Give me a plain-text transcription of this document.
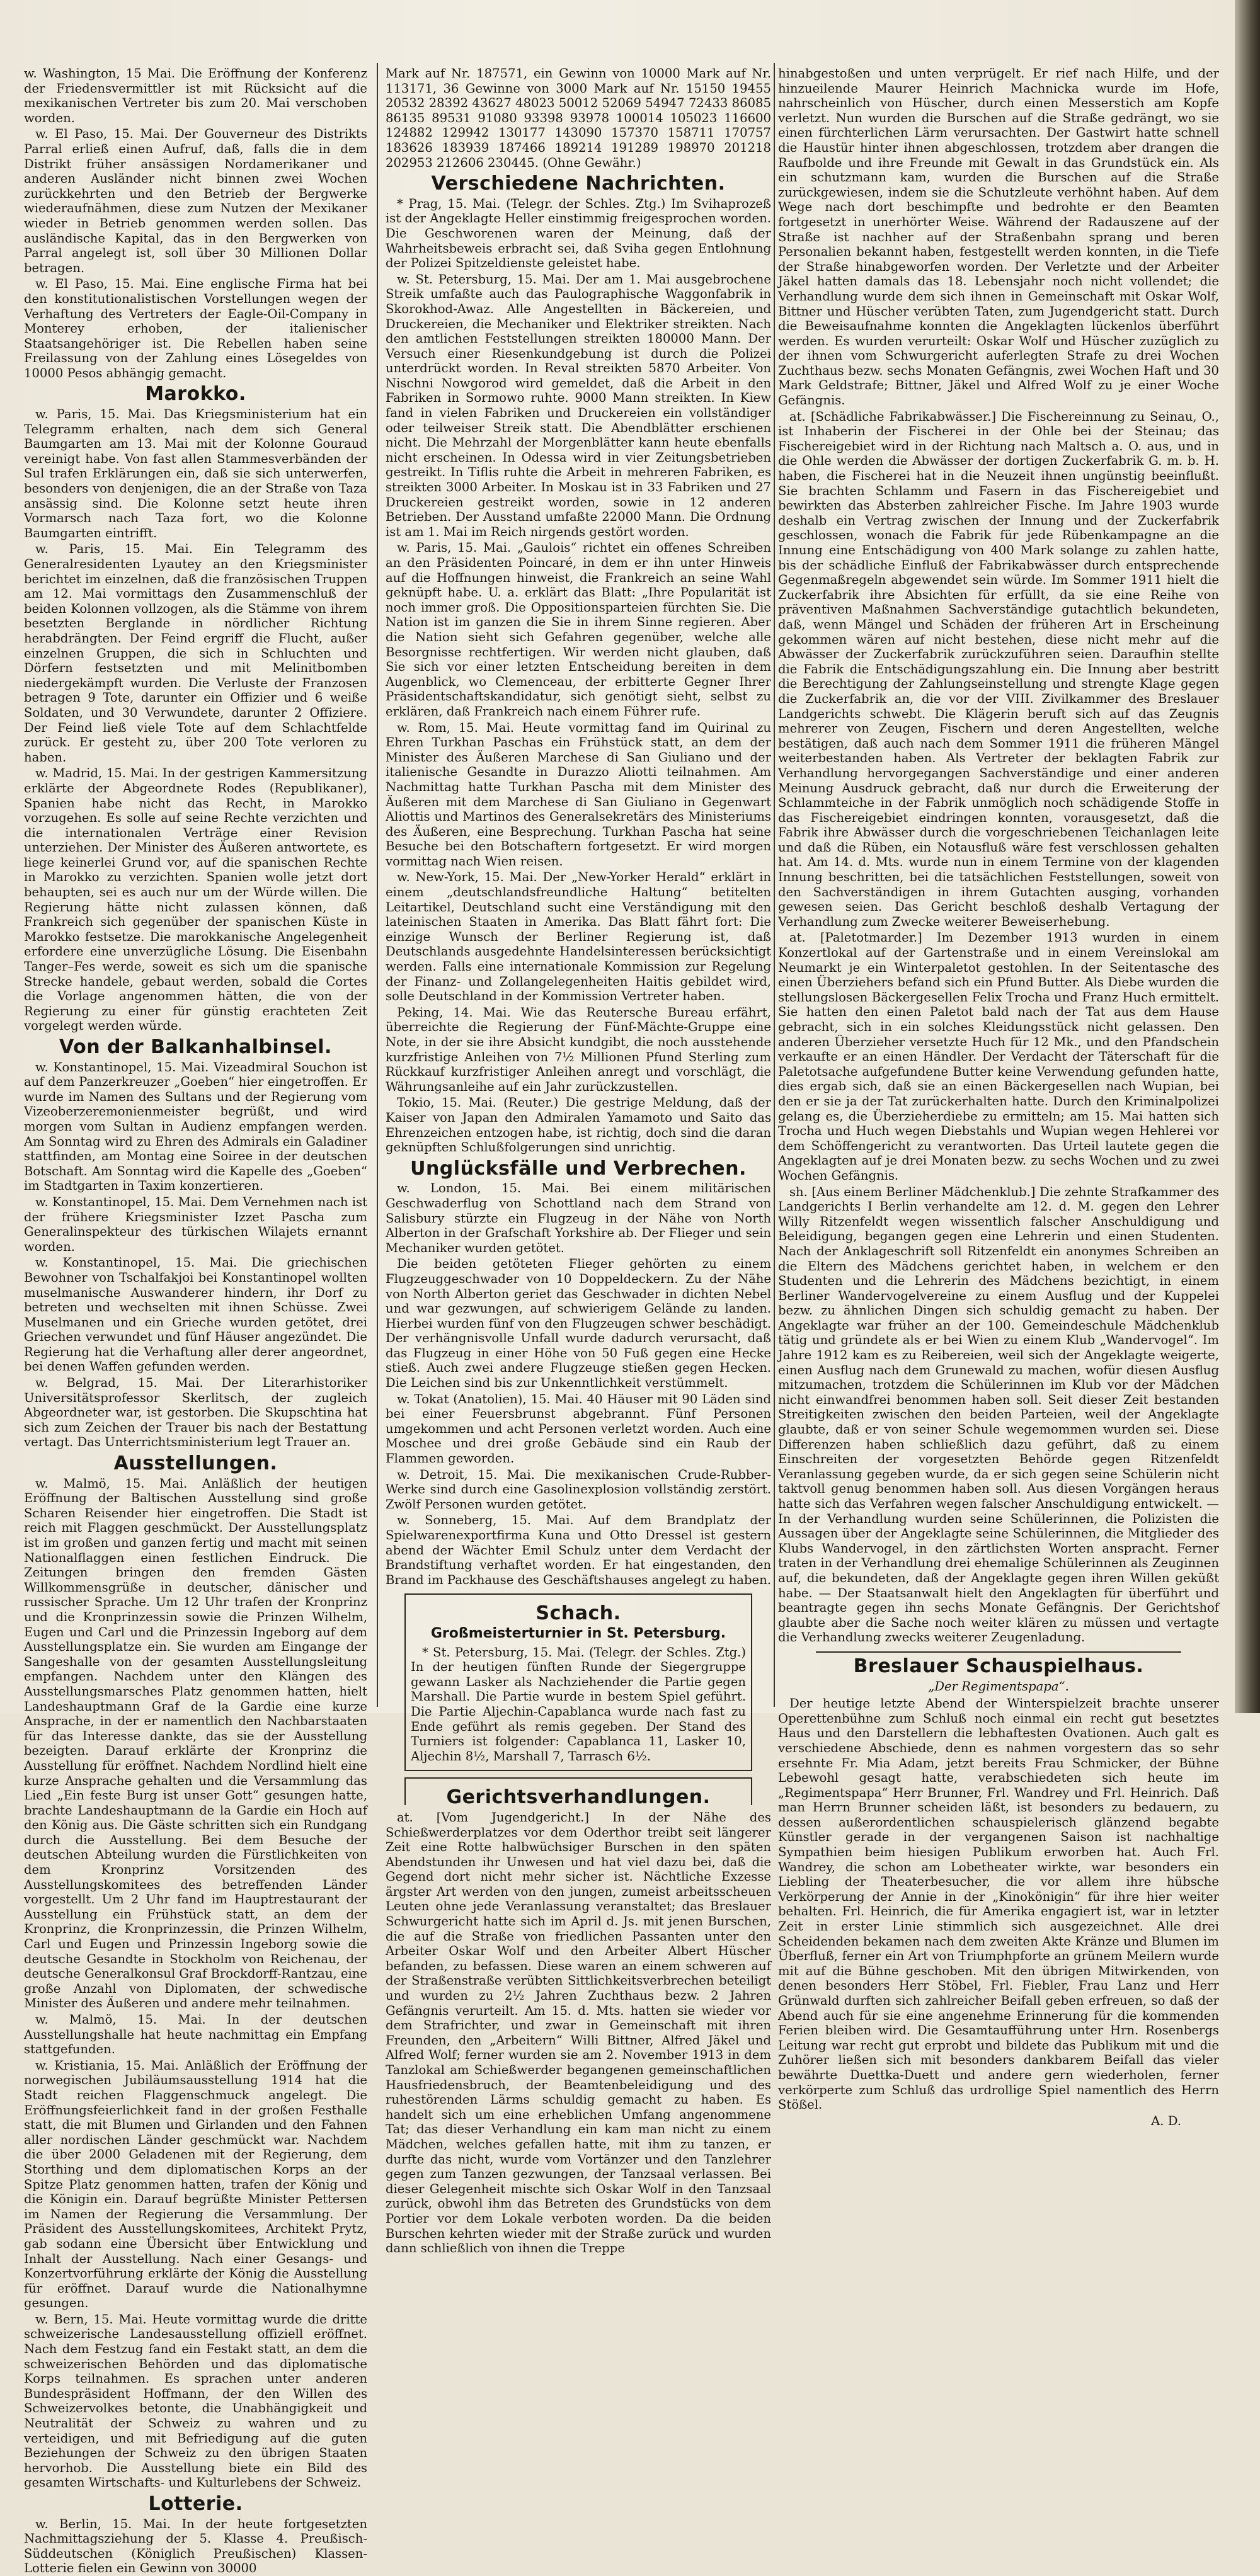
w. Washington, 15 Mai. Die Eröffnung der Konferenz der Friedensvermittler ist mit Rücksicht auf die mexikanischen Vertreter bis zum 20. Mai verschoben worden.

w. El Paso, 15. Mai. Der Gouverneur des Distrikts Parral erließ einen Aufruf, daß, falls die in dem Distrikt früher ansässigen Nordamerikaner und anderen Ausländer nicht binnen zwei Wochen zurückkehrten und den Betrieb der Bergwerke wiederaufnähmen, diese zum Nutzen der Mexikaner wieder in Betrieb genommen werden sollen. Das ausländische Kapital, das in den Bergwerken von Parral angelegt ist, soll über 30 Millionen Dollar betragen.

w. El Paso, 15. Mai. Eine englische Firma hat bei den konstitutionalistischen Vorstellungen wegen der Verhaftung des Vertreters der Eagle-Oil-Company in Monterey erhoben, der italienischer Staatsangehöriger ist. Die Rebellen haben seine Freilassung von der Zahlung eines Lösegeldes von 10000 Pesos abhängig gemacht.

Marokko.

w. Paris, 15. Mai. Das Kriegsministerium hat ein Telegramm erhalten, nach dem sich General Baumgarten am 13. Mai mit der Kolonne Gouraud vereinigt habe. Von fast allen Stammesverbänden der Sul trafen Erklärungen ein, daß sie sich unterwerfen, besonders von denjenigen, die an der Straße von Taza ansässig sind. Die Kolonne setzt heute ihren Vormarsch nach Taza fort, wo die Kolonne Baumgarten eintrifft.

w. Paris, 15. Mai. Ein Telegramm des Generalresidenten Lyautey an den Kriegsminister berichtet im einzelnen, daß die französischen Truppen am 12. Mai vormittags den Zusammenschluß der beiden Kolonnen vollzogen, als die Stämme von ihrem besetzten Berglande in nördlicher Richtung herabdrängten. Der Feind ergriff die Flucht, außer einzelnen Gruppen, die sich in Schluchten und Dörfern festsetzten und mit Melinitbomben niedergekämpft wurden. Die Verluste der Franzosen betragen 9 Tote, darunter ein Offizier und 6 weiße Soldaten, und 30 Verwundete, darunter 2 Offiziere. Der Feind ließ viele Tote auf dem Schlachtfelde zurück. Er gesteht zu, über 200 Tote verloren zu haben.

w. Madrid, 15. Mai. In der gestrigen Kammersitzung erklärte der Abgeordnete Rodes (Republikaner), Spanien habe nicht das Recht, in Marokko vorzugehen. Es solle auf seine Rechte verzichten und die internationalen Verträge einer Revision unterziehen. Der Minister des Äußeren antwortete, es liege keinerlei Grund vor, auf die spanischen Rechte in Marokko zu verzichten. Spanien wolle jetzt dort behaupten, sei es auch nur um der Würde willen. Die Regierung hätte nicht zulassen können, daß Frankreich sich gegenüber der spanischen Küste in Marokko festsetze. Die marokkanische Angelegenheit erfordere eine unverzügliche Lösung. Die Eisenbahn Tanger–Fes werde, soweit es sich um die spanische Strecke handele, gebaut werden, sobald die Cortes die Vorlage angenommen hätten, die von der Regierung zu einer für günstig erachteten Zeit vorgelegt werden würde.

Von der Balkanhalbinsel.

w. Konstantinopel, 15. Mai. Vizeadmiral Souchon ist auf dem Panzerkreuzer „Goeben“ hier eingetroffen. Er wurde im Namen des Sultans und der Regierung vom Vizeoberzeremonienmeister begrüßt, und wird morgen vom Sultan in Audienz empfangen werden. Am Sonntag wird zu Ehren des Admirals ein Galadiner stattfinden, am Montag eine Soiree in der deutschen Botschaft. Am Sonntag wird die Kapelle des „Goeben“ im Stadtgarten in Taxim konzertieren.

w. Konstantinopel, 15. Mai. Dem Vernehmen nach ist der frühere Kriegsminister Izzet Pascha zum Generalinspekteur des türkischen Wilajets ernannt worden.

w. Konstantinopel, 15. Mai. Die griechischen Bewohner von Tschalfakjoi bei Konstantinopel wollten muselmanische Auswanderer hindern, ihr Dorf zu betreten und wechselten mit ihnen Schüsse. Zwei Muselmanen und ein Grieche wurden getötet, drei Griechen verwundet und fünf Häuser angezündet. Die Regierung hat die Verhaftung aller derer angeordnet, bei denen Waffen gefunden werden.

w. Belgrad, 15. Mai. Der Literarhistoriker Universitätsprofessor Skerlitsch, der zugleich Abgeordneter war, ist gestorben. Die Skupschtina hat sich zum Zeichen der Trauer bis nach der Bestattung vertagt. Das Unterrichtsministerium legt Trauer an.

Ausstellungen.

w. Malmö, 15. Mai. Anläßlich der heutigen Eröffnung der Baltischen Ausstellung sind große Scharen Reisender hier eingetroffen. Die Stadt ist reich mit Flaggen geschmückt. Der Ausstellungsplatz ist im großen und ganzen fertig und macht mit seinen Nationalflaggen einen festlichen Eindruck. Die Zeitungen bringen den fremden Gästen Willkommensgrüße in deutscher, dänischer und russischer Sprache. Um 12 Uhr trafen der Kronprinz und die Kronprinzessin sowie die Prinzen Wilhelm, Eugen und Carl und die Prinzessin Ingeborg auf dem Ausstellungsplatze ein. Sie wurden am Eingange der Sangeshalle von der gesamten Ausstellungsleitung empfangen. Nachdem unter den Klängen des Ausstellungsmarsches Platz genommen hatten, hielt Landeshauptmann Graf de la Gardie eine kurze Ansprache, in der er namentlich den Nachbarstaaten für das Interesse dankte, das sie der Ausstellung bezeigten. Darauf erklärte der Kronprinz die Ausstellung für eröffnet. Nachdem Nordlind hielt eine kurze Ansprache gehalten und die Versammlung das Lied „Ein feste Burg ist unser Gott“ gesungen hatte, brachte Landeshauptmann de la Gardie ein Hoch auf den König aus. Die Gäste schritten sich ein Rundgang durch die Ausstellung. Bei dem Besuche der deutschen Abteilung wurden die Fürstlichkeiten von dem Kronprinz Vorsitzenden des Ausstellungskomitees des betreffenden Länder vorgestellt. Um 2 Uhr fand im Hauptrestaurant der Ausstellung ein Frühstück statt, an dem der Kronprinz, die Kronprinzessin, die Prinzen Wilhelm, Carl und Eugen und Prinzessin Ingeborg sowie die deutsche Gesandte in Stockholm von Reichenau, der deutsche Generalkonsul Graf Brockdorff-Rantzau, eine große Anzahl von Diplomaten, der schwedische Minister des Äußeren und andere mehr teilnahmen.

w. Malmö, 15. Mai. In der deutschen Ausstellungshalle hat heute nachmittag ein Empfang stattgefunden.

w. Kristiania, 15. Mai. Anläßlich der Eröffnung der norwegischen Jubiläumsausstellung 1914 hat die Stadt reichen Flaggenschmuck angelegt. Die Eröffnungsfeierlichkeit fand in der großen Festhalle statt, die mit Blumen und Girlanden und den Fahnen aller nordischen Länder geschmückt war. Nachdem die über 2000 Geladenen mit der Regierung, dem Storthing und dem diplomatischen Korps an der Spitze Platz genommen hatten, trafen der König und die Königin ein. Darauf begrüßte Minister Pettersen im Namen der Regierung die Versammlung. Der Präsident des Ausstellungskomitees, Architekt Prytz, gab sodann eine Übersicht über Entwicklung und Inhalt der Ausstellung. Nach einer Gesangs- und Konzertvorführung erklärte der König die Ausstellung für eröffnet. Darauf wurde die Nationalhymne gesungen.

w. Bern, 15. Mai. Heute vormittag wurde die dritte schweizerische Landesausstellung offiziell eröffnet. Nach dem Festzug fand ein Festakt statt, an dem die schweizerischen Behörden und das diplomatische Korps teilnahmen. Es sprachen unter anderen Bundespräsident Hoffmann, der den Willen des Schweizervolkes betonte, die Unabhängigkeit und Neutralität der Schweiz zu wahren und zu verteidigen, und mit Befriedigung auf die guten Beziehungen der Schweiz zu den übrigen Staaten hervorhob. Die Ausstellung biete ein Bild des gesamten Wirtschafts- und Kulturlebens der Schweiz.

Lotterie.

w. Berlin, 15. Mai. In der heute fortgesetzten Nachmittagsziehung der 5. Klasse 4. Preußisch-Süddeutschen (Königlich Preußischen) Klassen-Lotterie fielen ein Gewinn von 30000

Mark auf Nr. 187571, ein Gewinn von 10000 Mark auf Nr. 113171, 36 Gewinne von 3000 Mark auf Nr. 15150 19455 20532 28392 43627 48023 50012 52069 54947 72433 86085 86135 89531 91080 93398 93978 100014 105023 116600 124882 129942 130177 143090 157370 158711 170757 183626 183939 187466 189214 191289 198970 201218 202953 212606 230445. (Ohne Gewähr.)

Verschiedene Nachrichten.

* Prag, 15. Mai. (Telegr. der Schles. Ztg.) Im Svihaprozeß ist der Angeklagte Heller einstimmig freigesprochen worden. Die Geschworenen waren der Meinung, daß der Wahrheitsbeweis erbracht sei, daß Sviha gegen Entlohnung der Polizei Spitzeldienste geleistet habe.

w. St. Petersburg, 15. Mai. Der am 1. Mai ausgebrochene Streik umfaßte auch das Paulographische Waggonfabrik in Skorokhod-Awaz. Alle Angestellten in Bäckereien, und Druckereien, die Mechaniker und Elektriker streikten. Nach den amtlichen Feststellungen streikten 180000 Mann. Der Versuch einer Riesenkundgebung ist durch die Polizei unterdrückt worden. In Reval streikten 5870 Arbeiter. Von Nischni Nowgorod wird gemeldet, daß die Arbeit in den Fabriken in Sormowo ruhte. 9000 Mann streikten. In Kiew fand in vielen Fabriken und Druckereien ein vollständiger oder teilweiser Streik statt. Die Abendblätter erschienen nicht. Die Mehrzahl der Morgenblätter kann heute ebenfalls nicht erscheinen. In Odessa wird in vier Zeitungsbetrieben gestreikt. In Tiflis ruhte die Arbeit in mehreren Fabriken, es streikten 3000 Arbeiter. In Moskau ist in 33 Fabriken und 27 Druckereien gestreikt worden, sowie in 12 anderen Betrieben. Der Ausstand umfaßte 22000 Mann. Die Ordnung ist am 1. Mai im Reich nirgends gestört worden.

w. Paris, 15. Mai. „Gaulois“ richtet ein offenes Schreiben an den Präsidenten Poincaré, in dem er ihn unter Hinweis auf die Hoffnungen hinweist, die Frankreich an seine Wahl geknüpft habe. U. a. erklärt das Blatt: „Ihre Popularität ist noch immer groß. Die Oppositionsparteien fürchten Sie. Die Nation ist im ganzen die Sie in ihrem Sinne regieren. Aber die Nation sieht sich Gefahren gegenüber, welche alle Besorgnisse rechtfertigen. Wir werden nicht glauben, daß Sie sich vor einer letzten Entscheidung bereiten in dem Augenblick, wo Clemenceau, der erbitterte Gegner Ihrer Präsidentschaftskandidatur, sich genötigt sieht, selbst zu erklären, daß Frankreich nach einem Führer rufe.

w. Rom, 15. Mai. Heute vormittag fand im Quirinal zu Ehren Turkhan Paschas ein Frühstück statt, an dem der Minister des Äußeren Marchese di San Giuliano und der italienische Gesandte in Durazzo Aliotti teilnahmen. Am Nachmittag hatte Turkhan Pascha mit dem Minister des Äußeren mit dem Marchese di San Giuliano in Gegenwart Aliottis und Martinos des Generalsekretärs des Ministeriums des Äußeren, eine Besprechung. Turkhan Pascha hat seine Besuche bei den Botschaftern fortgesetzt. Er wird morgen vormittag nach Wien reisen.

w. New-York, 15. Mai. Der „New-Yorker Herald“ erklärt in einem „deutschlandsfreundliche Haltung“ betitelten Leitartikel, Deutschland sucht eine Verständigung mit den lateinischen Staaten in Amerika. Das Blatt fährt fort: Die einzige Wunsch der Berliner Regierung ist, daß Deutschlands ausgedehnte Handelsinteressen berücksichtigt werden. Falls eine internationale Kommission zur Regelung der Finanz- und Zollangelegenheiten Haitis gebildet wird, solle Deutschland in der Kommission Vertreter haben.

Peking, 14. Mai. Wie das Reutersche Bureau erfährt, überreichte die Regierung der Fünf-Mächte-Gruppe eine Note, in der sie ihre Absicht kundgibt, die noch ausstehende kurzfristige Anleihen von 7½ Millionen Pfund Sterling zum Rückkauf kurzfristiger Anleihen anregt und vorschlägt, die Währungsanleihe auf ein Jahr zurückzustellen.

Tokio, 15. Mai. (Reuter.) Die gestrige Meldung, daß der Kaiser von Japan den Admiralen Yamamoto und Saito das Ehrenzeichen entzogen habe, ist richtig, doch sind die daran geknüpften Schlußfolgerungen sind unrichtig.

Unglücksfälle und Verbrechen.

w. London, 15. Mai. Bei einem militärischen Geschwaderflug von Schottland nach dem Strand von Salisbury stürzte ein Flugzeug in der Nähe von North Alberton in der Grafschaft Yorkshire ab. Der Flieger und sein Mechaniker wurden getötet.

Die beiden getöteten Flieger gehörten zu einem Flugzeuggeschwader von 10 Doppeldeckern. Zu der Nähe von North Alberton geriet das Geschwader in dichten Nebel und war gezwungen, auf schwierigem Gelände zu landen. Hierbei wurden fünf von den Flugzeugen schwer beschädigt. Der verhängnisvolle Unfall wurde dadurch verursacht, daß das Flugzeug in einer Höhe von 50 Fuß gegen eine Hecke stieß. Auch zwei andere Flugzeuge stießen gegen Hecken. Die Leichen sind bis zur Unkenntlichkeit verstümmelt.

w. Tokat (Anatolien), 15. Mai. 40 Häuser mit 90 Läden sind bei einer Feuersbrunst abgebrannt. Fünf Personen umgekommen und acht Personen verletzt worden. Auch eine Moschee und drei große Gebäude sind ein Raub der Flammen geworden.

w. Detroit, 15. Mai. Die mexikanischen Crude-Rubber-Werke sind durch eine Gasolinexplosion vollständig zerstört. Zwölf Personen wurden getötet.

w. Sonneberg, 15. Mai. Auf dem Brandplatz der Spielwarenexportfirma Kuna und Otto Dressel ist gestern abend der Wächter Emil Schulz unter dem Verdacht der Brandstiftung verhaftet worden. Er hat eingestanden, den Brand im Packhause des Geschäftshauses angelegt zu haben.

Schach.
Großmeisterturnier in St. Petersburg.

* St. Petersburg, 15. Mai. (Telegr. der Schles. Ztg.) In der heutigen fünften Runde der Siegergruppe gewann Lasker als Nachziehender die Partie gegen Marshall. Die Partie wurde in bestem Spiel geführt. Die Partie Aljechin-Capablanca wurde nach fast zu Ende geführt als remis gegeben. Der Stand des Turniers ist folgender: Capablanca 11, Lasker 10, Aljechin 8½, Marshall 7, Tarrasch 6½.

Gerichtsverhandlungen.

at. [Vom Jugendgericht.] In der Nähe des Schießwerderplatzes vor dem Oderthor treibt seit längerer Zeit eine Rotte halbwüchsiger Burschen in den späten Abendstunden ihr Unwesen und hat viel dazu bei, daß die Gegend dort nicht mehr sicher ist. Nächtliche Exzesse ärgster Art werden von den jungen, zumeist arbeitsscheuen Leuten ohne jede Veranlassung veranstaltet; das Breslauer Schwurgericht hatte sich im April d. Js. mit jenen Burschen, die auf die Straße von friedlichen Passanten unter den Arbeiter Oskar Wolf und den Arbeiter Albert Hüscher befanden, zu befassen. Diese waren an einem schweren auf der Straßenstraße verübten Sittlichkeitsverbrechen beteiligt und wurden zu 2½ Jahren Zuchthaus bezw. 2 Jahren Gefängnis verurteilt. Am 15. d. Mts. hatten sie wieder vor dem Strafrichter, und zwar in Gemeinschaft mit ihren Freunden, den „Arbeitern“ Willi Bittner, Alfred Jäkel und Alfred Wolf; ferner wurden sie am 2. November 1913 in dem Tanzlokal am Schießwerder begangenen gemeinschaftlichen Hausfriedensbruch, der Beamtenbeleidigung und des ruhestörenden Lärms schuldig gemacht zu haben. Es handelt sich um eine erheblichen Umfang angenommene Tat; das dieser Verhandlung ein kam man nicht zu einem Mädchen, welches gefallen hatte, mit ihm zu tanzen, er durfte das nicht, wurde vom Vortänzer und den Tanzlehrer gegen zum Tanzen gezwungen, der Tanzsaal verlassen. Bei dieser Gelegenheit mischte sich Oskar Wolf in den Tanzsaal zurück, obwohl ihm das Betreten des Grundstücks von dem Portier vor dem Lokale verboten worden. Da die beiden Burschen kehrten wieder mit der Straße zurück und wurden dann schließlich von ihnen die Treppe

hinabgestoßen und unten verprügelt. Er rief nach Hilfe, und der hinzueilende Maurer Heinrich Machnicka wurde im Hofe, nahrscheinlich von Hüscher, durch einen Messerstich am Kopfe verletzt. Nun wurden die Burschen auf die Straße gedrängt, wo sie einen fürchterlichen Lärm verursachten. Der Gastwirt hatte schnell die Haustür hinter ihnen abgeschlossen, trotzdem aber drangen die Raufbolde und ihre Freunde mit Gewalt in das Grundstück ein. Als ein schutzmann kam, wurden die Burschen auf die Straße zurückgewiesen, indem sie die Schutzleute verhöhnt haben. Auf dem Wege nach dort beschimpfte und bedrohte er den Beamten fortgesetzt in unerhörter Weise. Während der Radauszene auf der Straße ist nachher auf der Straßenbahn sprang und beren Personalien bekannt haben, festgestellt werden konnten, in die Tiefe der Straße hinabgeworfen worden. Der Verletzte und der Arbeiter Jäkel hatten damals das 18. Lebensjahr noch nicht vollendet; die Verhandlung wurde dem sich ihnen in Gemeinschaft mit Oskar Wolf, Bittner und Hüscher verübten Taten, zum Jugendgericht statt. Durch die Beweisaufnahme konnten die Angeklagten lückenlos überführt werden. Es wurden verurteilt: Oskar Wolf und Hüscher zuzüglich zu der ihnen vom Schwurgericht auferlegten Strafe zu drei Wochen Zuchthaus bezw. sechs Monaten Gefängnis, zwei Wochen Haft und 30 Mark Geldstrafe; Bittner, Jäkel und Alfred Wolf zu je einer Woche Gefängnis.

at. [Schädliche Fabrikabwässer.] Die Fischereinnung zu Seinau, O., ist Inhaberin der Fischerei in der Ohle bei der Steinau; das Fischereigebiet wird in der Richtung nach Maltsch a. O. aus, und in die Ohle werden die Abwässer der dortigen Zuckerfabrik G. m. b. H. haben, die Fischerei hat in die Neuzeit ihnen ungünstig beeinflußt. Sie brachten Schlamm und Fasern in das Fischereigebiet und bewirkten das Absterben zahlreicher Fische. Im Jahre 1903 wurde deshalb ein Vertrag zwischen der Innung und der Zuckerfabrik geschlossen, wonach die Fabrik für jede Rübenkampagne an die Innung eine Entschädigung von 400 Mark solange zu zahlen hatte, bis der schädliche Einfluß der Fabrikabwässer durch entsprechende Gegenmaßregeln abgewendet sein würde. Im Sommer 1911 hielt die Zuckerfabrik ihre Absichten für erfüllt, da sie eine Reihe von präventiven Maßnahmen Sachverständige gutachtlich bekundeten, daß, wenn Mängel und Schäden der früheren Art in Erscheinung gekommen wären auf nicht bestehen, diese nicht mehr auf die Abwässer der Zuckerfabrik zurückzuführen seien. Daraufhin stellte die Fabrik die Entschädigungszahlung ein. Die Innung aber bestritt die Berechtigung der Zahlungseinstellung und strengte Klage gegen die Zuckerfabrik an, die vor der VIII. Zivilkammer des Breslauer Landgerichts schwebt. Die Klägerin beruft sich auf das Zeugnis mehrerer von Zeugen, Fischern und deren Angestellten, welche bestätigen, daß auch nach dem Sommer 1911 die früheren Mängel weiterbestanden haben. Als Vertreter der beklagten Fabrik zur Verhandlung hervorgegangen Sachverständige und einer anderen Meinung Ausdruck gebracht, daß nur durch die Erweiterung der Schlammteiche in der Fabrik unmöglich noch schädigende Stoffe in das Fischereigebiet eindringen konnten, vorausgesetzt, daß die Fabrik ihre Abwässer durch die vorgeschriebenen Teichanlagen leite und daß die Rüben, ein Notausfluß wäre fest verschlossen gehalten hat. Am 14. d. Mts. wurde nun in einem Termine von der klagenden Innung beschritten, bei die tatsächlichen Feststellungen, soweit von den Sachverständigen in ihrem Gutachten ausging, vorhanden gewesen seien. Das Gericht beschloß deshalb Vertagung der Verhandlung zum Zwecke weiterer Beweiserhebung.

at. [Paletotmarder.] Im Dezember 1913 wurden in einem Konzertlokal auf der Gartenstraße und in einem Vereinslokal am Neumarkt je ein Winterpaletot gestohlen. In der Seitentasche des einen Überziehers befand sich ein Pfund Butter. Als Diebe wurden die stellungslosen Bäckergesellen Felix Trocha und Franz Huch ermittelt. Sie hatten den einen Paletot bald nach der Tat aus dem Hause gebracht, sich in ein solches Kleidungsstück nicht gelassen. Den anderen Überzieher versetzte Huch für 12 Mk., und den Pfandschein verkaufte er an einen Händler. Der Verdacht der Täterschaft für die Paletotsache aufgefundene Butter keine Verwendung gefunden hatte, dies ergab sich, daß sie an einen Bäckergesellen nach Wupian, bei den er sie ja der Tat zurückerhalten hatte. Durch den Kriminalpolizei gelang es, die Überzieherdiebe zu ermitteln; am 15. Mai hatten sich Trocha und Huch wegen Diebstahls und Wupian wegen Hehlerei vor dem Schöffengericht zu verantworten. Das Urteil lautete gegen die Angeklagten auf je drei Monaten bezw. zu sechs Wochen und zu zwei Wochen Gefängnis.

sh. [Aus einem Berliner Mädchenklub.] Die zehnte Strafkammer des Landgerichts I Berlin verhandelte am 12. d. M. gegen den Lehrer Willy Ritzenfeldt wegen wissentlich falscher Anschuldigung und Beleidigung, begangen gegen eine Lehrerin und einen Studenten. Nach der Anklageschrift soll Ritzenfeldt ein anonymes Schreiben an die Eltern des Mädchens gerichtet haben, in welchem er den Studenten und die Lehrerin des Mädchens bezichtigt, in einem Berliner Wandervogelvereine zu einem Ausflug und der Kuppelei bezw. zu ähnlichen Dingen sich schuldig gemacht zu haben. Der Angeklagte war früher an der 100. Gemeindeschule Mädchenklub tätig und gründete als er bei Wien zu einem Klub „Wandervogel“. Im Jahre 1912 kam es zu Reibereien, weil sich der Angeklagte weigerte, einen Ausflug nach dem Grunewald zu machen, wofür diesen Ausflug mitzumachen, trotzdem die Schülerinnen im Klub vor der Mädchen nicht einwandfrei benommen haben soll. Seit dieser Zeit bestanden Streitigkeiten zwischen den beiden Parteien, weil der Angeklagte glaubte, daß er von seiner Schule wegemommen wurden sei. Diese Differenzen haben schließlich dazu geführt, daß zu einem Einschreiten der vorgesetzten Behörde gegen Ritzenfeldt Veranlassung gegeben wurde, da er sich gegen seine Schülerin nicht taktvoll genug benommen haben soll. Aus diesen Vorgängen heraus hatte sich das Verfahren wegen falscher Anschuldigung entwickelt. — In der Verhandlung wurden seine Schülerinnen, die Polizisten die Aussagen über der Angeklagte seine Schülerinnen, die Mitglieder des Klubs Wandervogel, in den zärtlichsten Worten anspracht. Ferner traten in der Verhandlung drei ehemalige Schülerinnen als Zeuginnen auf, die bekundeten, daß der Angeklagte gegen ihren Willen geküßt habe. — Der Staatsanwalt hielt den Angeklagten für überführt und beantragte gegen ihn sechs Monate Gefängnis. Der Gerichtshof glaubte aber die Sache noch weiter klären zu müssen und vertagte die Verhandlung zwecks weiterer Zeugenladung.

Breslauer Schauspielhaus.

„Der Regimentspapa“.

Der heutige letzte Abend der Winterspielzeit brachte unserer Operettenbühne zum Schluß noch einmal ein recht gut besetztes Haus und den Darstellern die lebhaftesten Ovationen. Auch galt es verschiedene Abschiede, denn es nahmen vorgestern das so sehr ersehnte Fr. Mia Adam, jetzt bereits Frau Schmicker, der Bühne Lebewohl gesagt hatte, verabschiedeten sich heute im „Regimentspapa“ Herr Brunner, Frl. Wandrey und Frl. Heinrich. Daß man Herrn Brunner scheiden läßt, ist besonders zu bedauern, zu dessen außerordentlichen schauspielerisch glänzend begabte Künstler gerade in der vergangenen Saison ist nachhaltige Sympathien beim hiesigen Publikum erworben hat. Auch Frl. Wandrey, die schon am Lobetheater wirkte, war besonders ein Liebling der Theaterbesucher, die vor allem ihre hübsche Verkörperung der Annie in der „Kinokönigin“ für ihre hier weiter behalten. Frl. Heinrich, die für Amerika engagiert ist, war in letzter Zeit in erster Linie stimmlich sich ausgezeichnet. Alle drei Scheidenden bekamen nach dem zweiten Akte Kränze und Blumen im Überfluß, ferner ein Art von Triumphpforte an grünem Meilern wurde mit auf die Bühne geschoben. Mit den übrigen Mitwirkenden, von denen besonders Herr Stöbel, Frl. Fiebler, Frau Lanz und Herr Grünwald durften sich zahlreicher Beifall geben erfreuen, so daß der Abend auch für sie eine angenehme Erinnerung für die kommenden Ferien bleiben wird. Die Gesamtaufführung unter Hrn. Rosenbergs Leitung war recht gut erprobt und bildete das Publikum mit und die Zuhörer ließen sich mit besonders dankbarem Beifall das vieler bewährte Duettka-Duett und andere gern wiederholen, ferner verkörperte zum Schluß das urdrollige Spiel namentlich des Herrn Stößel.

A. D.
